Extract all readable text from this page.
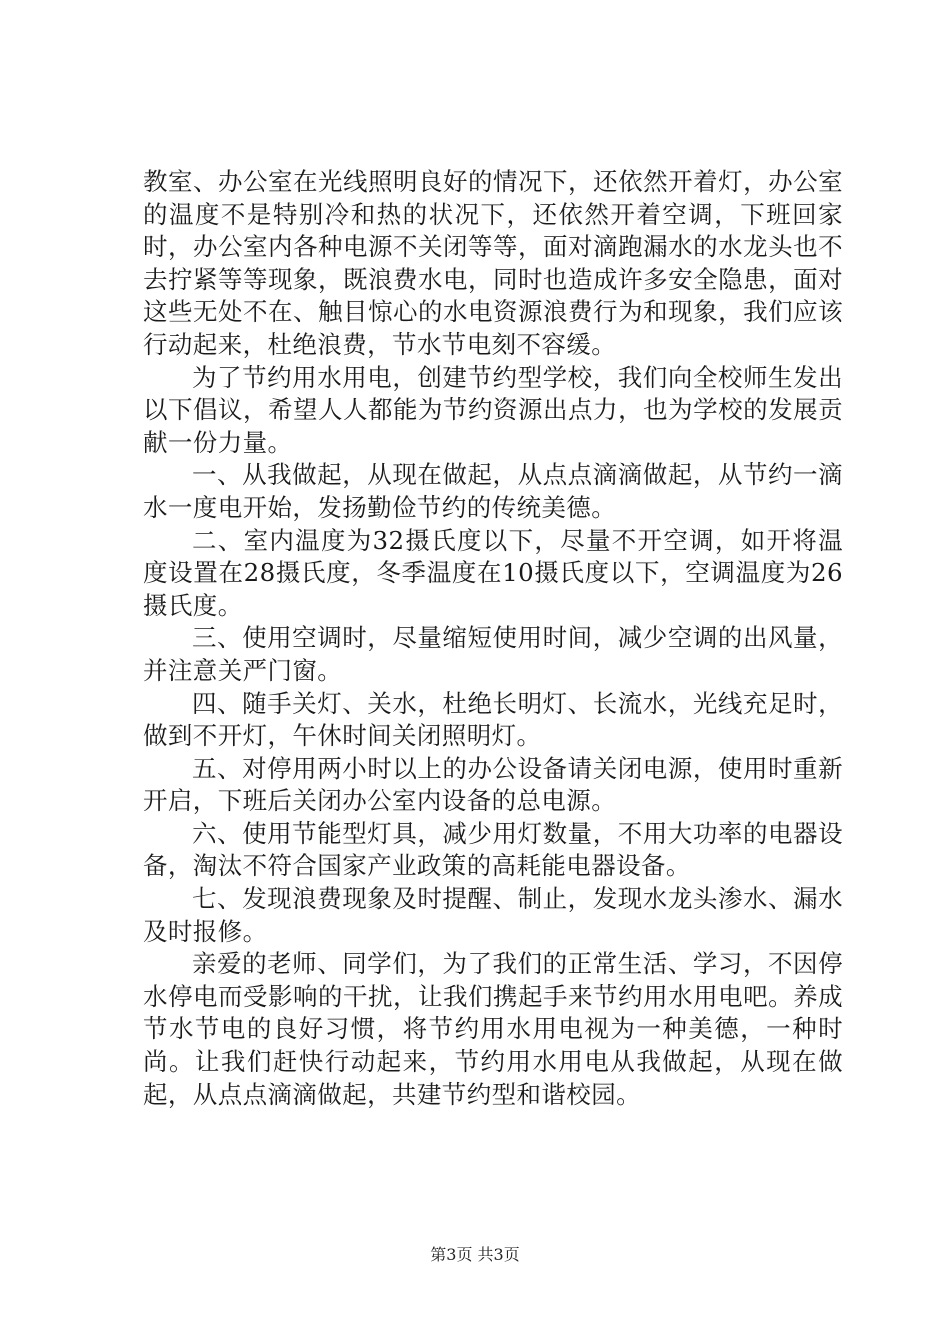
教室、办公室在光线照明良好的情况下，还依然开着灯，办公室的温度不是特别冷和热的状况下，还依然开着空调，下班回家时，办公室内各种电源不关闭等等，面对滴跑漏水的水龙头也不去拧紧等等现象，既浪费水电，同时也造成许多安全隐患，面对这些无处不在、触目惊心的水电资源浪费行为和现象，我们应该行动起来，杜绝浪费，节水节电刻不容缓。

为了节约用水用电，创建节约型学校，我们向全校师生发出以下倡议，希望人人都能为节约资源出点力，也为学校的发展贡献一份力量。

一、从我做起，从现在做起，从点点滴滴做起，从节约一滴水一度电开始，发扬勤俭节约的传统美德。

二、室内温度为32摄氏度以下，尽量不开空调，如开将温度设置在28摄氏度，冬季温度在10摄氏度以下，空调温度为26摄氏度。

三、使用空调时，尽量缩短使用时间，减少空调的出风量，并注意关严门窗。

四、随手关灯、关水，杜绝长明灯、长流水，光线充足时，做到不开灯，午休时间关闭照明灯。

五、对停用两小时以上的办公设备请关闭电源，使用时重新开启，下班后关闭办公室内设备的总电源。

六、使用节能型灯具，减少用灯数量，不用大功率的电器设备，淘汰不符合国家产业政策的高耗能电器设备。

七、发现浪费现象及时提醒、制止，发现水龙头渗水、漏水及时报修。

亲爱的老师、同学们，为了我们的正常生活、学习，不因停水停电而受影响的干扰，让我们携起手来节约用水用电吧。养成节水节电的良好习惯，将节约用水用电视为一种美德，一种时尚。让我们赶快行动起来，节约用水用电从我做起，从现在做起，从点点滴滴做起，共建节约型和谐校园。

第3页 共3页
